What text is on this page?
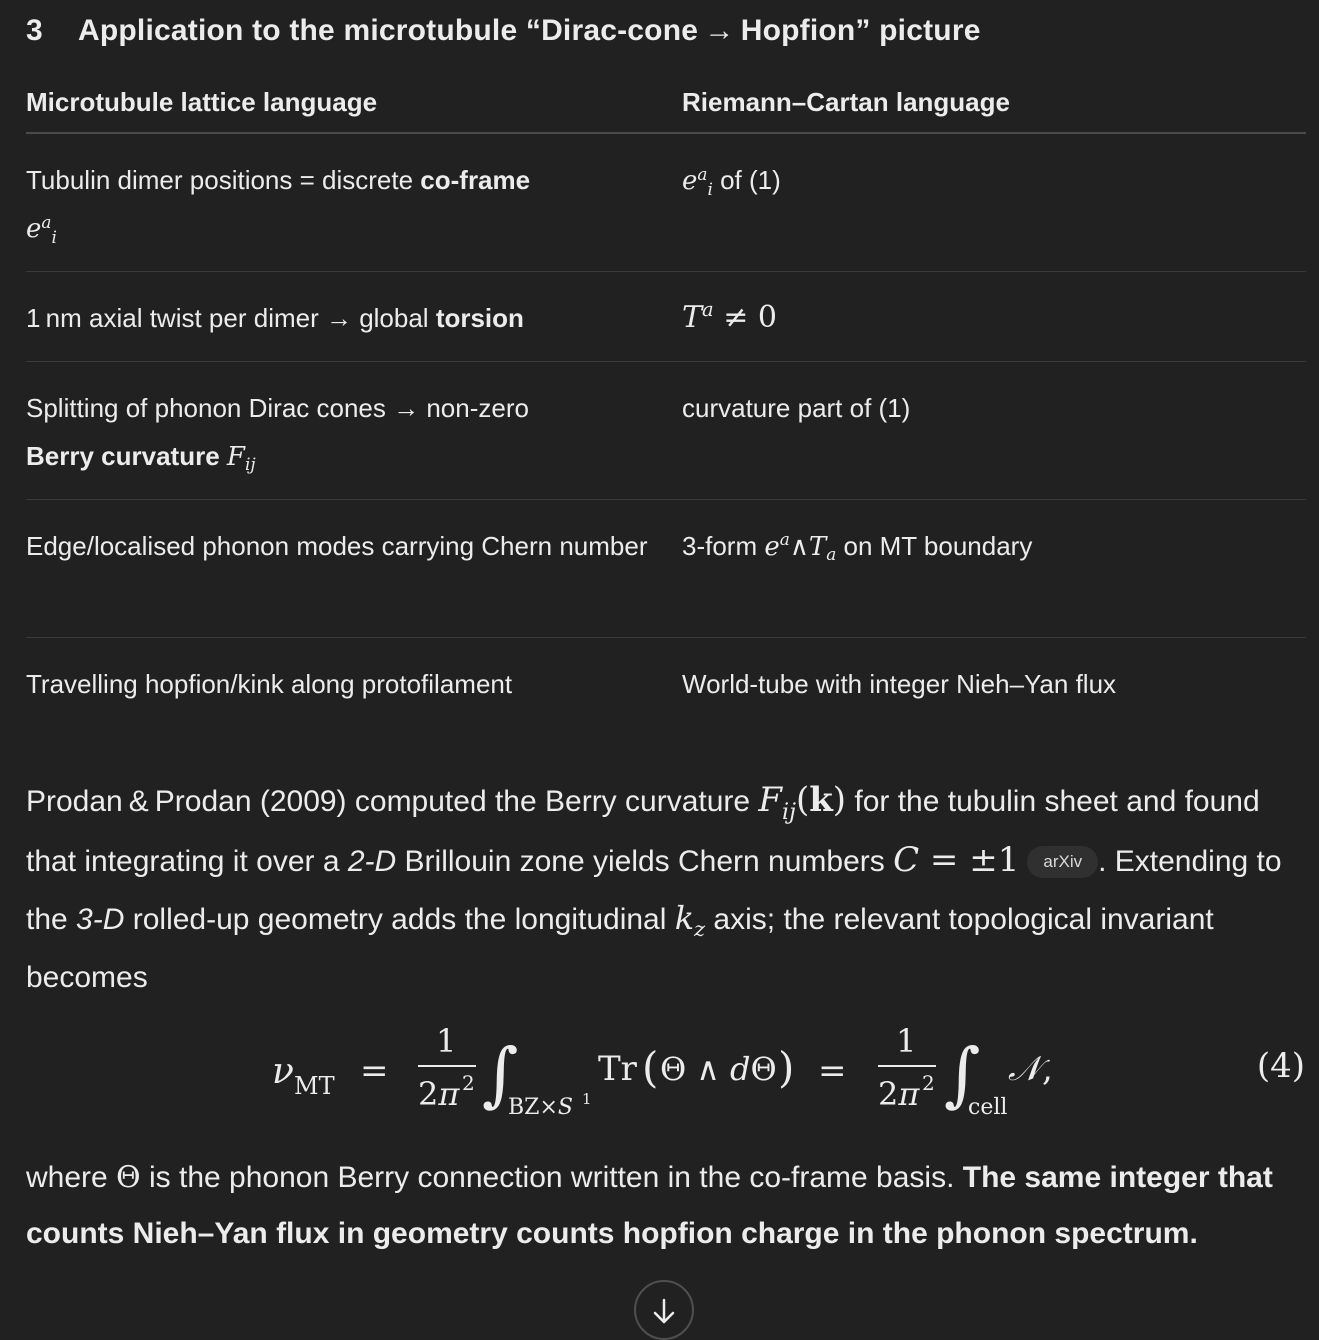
3 Application to the microtubule “Dirac-cone → Hopfion” picture
Microtubule lattice language	Riemann–Cartan language
Tubulin dimer positions = discrete co-frame
$e^a_i$	$e^a_i$ of (1)
1 nm axial twist per dimer → global torsion	$T^a \ne 0$
Splitting of phonon Dirac cones → non-zero
Berry curvature $F_{ij}$	curvature part of (1)
Edge/localised phonon modes carrying Chern number	3-form $e^a\wedge T_a$ on MT boundary
Travelling hopfion/kink along protofilament	World-tube with integer Nieh–Yan flux
Prodan & Prodan (2009) computed the Berry curvature $F_{ij}(k)$ for the tubulin sheet and found that integrating it over a 2-D Brillouin zone yields Chern numbers C = ±1 arXiv . Extending to the 3-D rolled-up geometry adds the longitudinal $k_z$ axis; the relevant topological invariant becomes
ν MT =
1
2π 2 ∫
BZ×S 1
Tr ( Θ ∧ dΘ ) =
1
2π 2 ∫
cell
𝒩 ,	(4)
where Θ is the phonon Berry connection written in the co-frame basis. The same integer that counts Nieh–Yan flux in geometry counts hopfion charge in the phonon spectrum.
